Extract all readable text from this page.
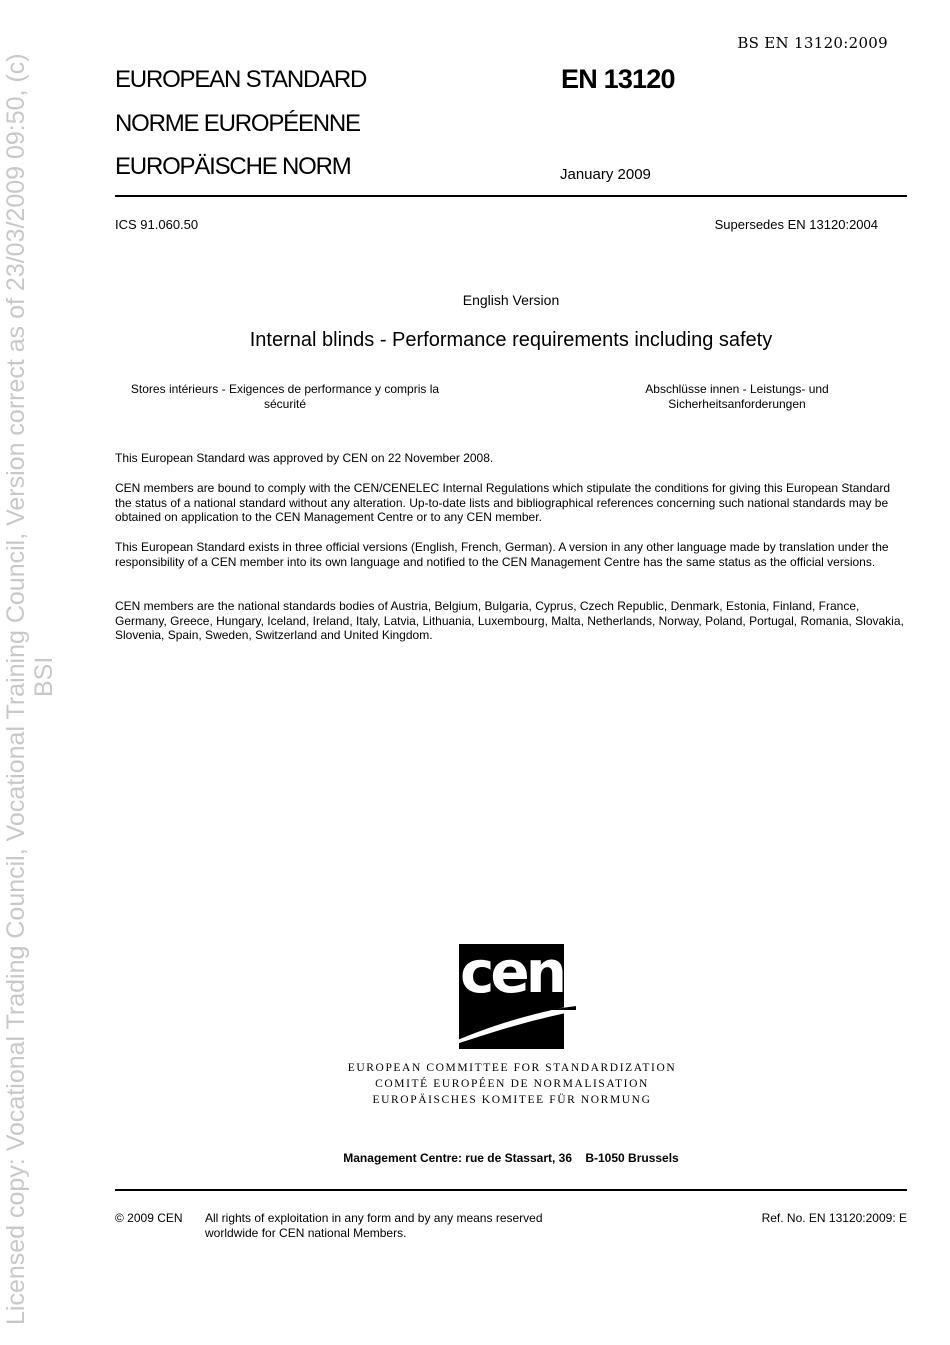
Licensed copy: Vocational Trading Council, Vocational Training Council, Version correct as of 23/03/2009 09:50, (c) BSI
BS EN 13120:2009
EUROPEAN STANDARD
NORME EUROPÉENNE
EUROPÄISCHE NORM
EN 13120
January 2009
ICS 91.060.50	Supersedes EN 13120:2004
English Version
Internal blinds - Performance requirements including safety
Stores intérieurs - Exigences de performance y compris la sécurité
Abschlüsse innen - Leistungs- und Sicherheitsanforderungen
This European Standard was approved by CEN on 22 November 2008.
CEN members are bound to comply with the CEN/CENELEC Internal Regulations which stipulate the conditions for giving this European Standard the status of a national standard without any alteration. Up-to-date lists and bibliographical references concerning such national standards may be obtained on application to the CEN Management Centre or to any CEN member.
This European Standard exists in three official versions (English, French, German). A version in any other language made by translation under the responsibility of a CEN member into its own language and notified to the CEN Management Centre has the same status as the official versions.
CEN members are the national standards bodies of Austria, Belgium, Bulgaria, Cyprus, Czech Republic, Denmark, Estonia, Finland, France, Germany, Greece, Hungary, Iceland, Ireland, Italy, Latvia, Lithuania, Luxembourg, Malta, Netherlands, Norway, Poland, Portugal, Romania, Slovakia, Slovenia, Spain, Sweden, Switzerland and United Kingdom.
cen
EUROPEAN COMMITTEE FOR STANDARDIZATION
COMITÉ EUROPÉEN DE NORMALISATION
EUROPÄISCHES KOMITEE FÜR NORMUNG
Management Centre: rue de Stassart, 36    B-1050 Brussels
© 2009 CEN All rights of exploitation in any form and by any means reserved
worldwide for CEN national Members.
Ref. No. EN 13120:2009: E
